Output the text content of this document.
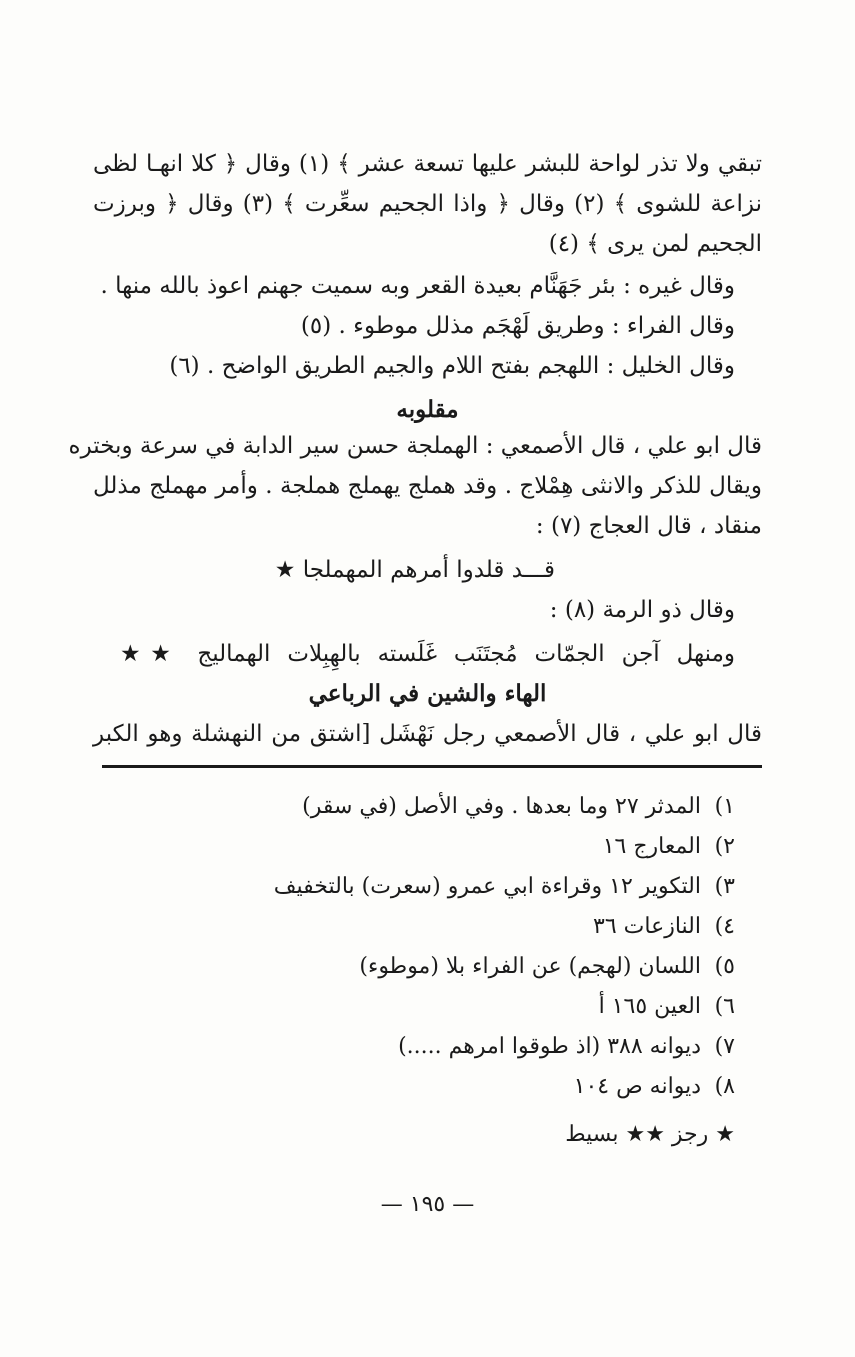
تبقي ولا تذر لواحة للبشر عليها تسعة عشر ﴾ (١) وقال ﴿ كلا انهـا لظى
نزاعة للشوى ﴾ (٢) وقال ﴿ واذا الجحيم سعِّرت ﴾ (٣) وقال ﴿ وبرزت
الجحيم لمن يرى ﴾ (٤)
وقال غيره : بئر جَهَنَّام بعيدة القعر وبه سميت جهنم اعوذ بالله منها .
وقال الفراء : وطريق لَهْجَم مذلل موطوء . (٥)
وقال الخليل : اللهجم بفتح اللام والجيم الطريق الواضح . (٦)
مقلوبه
قال ابو علي ، قال الأصمعي : الهملجة حسن سير الدابة في سرعة وبختره
ويقال للذكر والانثى هِمْلاج . وقد هملج يهملج هملجة . وأمر مهملج مذلل
منقاد ، قال العجاج (٧) :
قـــد قلدوا أمرهم المهملجا ★
وقال ذو الرمة (٨) :
ومنهل آجن الجمّات مُجتَنَب غَلَسته بالهِبِلات الهماليج ★★
الهاء والشين في الرباعي
قال ابو علي ، قال الأصمعي رجل نَهْشَل [اشتق من النهشلة وهو الكبر
١)المدثر ٢٧ وما بعدها . وفي الأصل (في سقر)
٢)المعارج ١٦
٣)التكوير ١٢ وقراءة ابي عمرو (سعرت) بالتخفيف
٤)النازعات ٣٦
٥)اللسان (لهجم) عن الفراء بلا (موطوء)
٦)العين ١٦٥ أ
٧)ديوانه ٣٨٨ (اذ طوقوا امرهم .....)
٨)ديوانه ص ١٠٤
★ رجز ★★ بسيط
— ١٩٥ —
